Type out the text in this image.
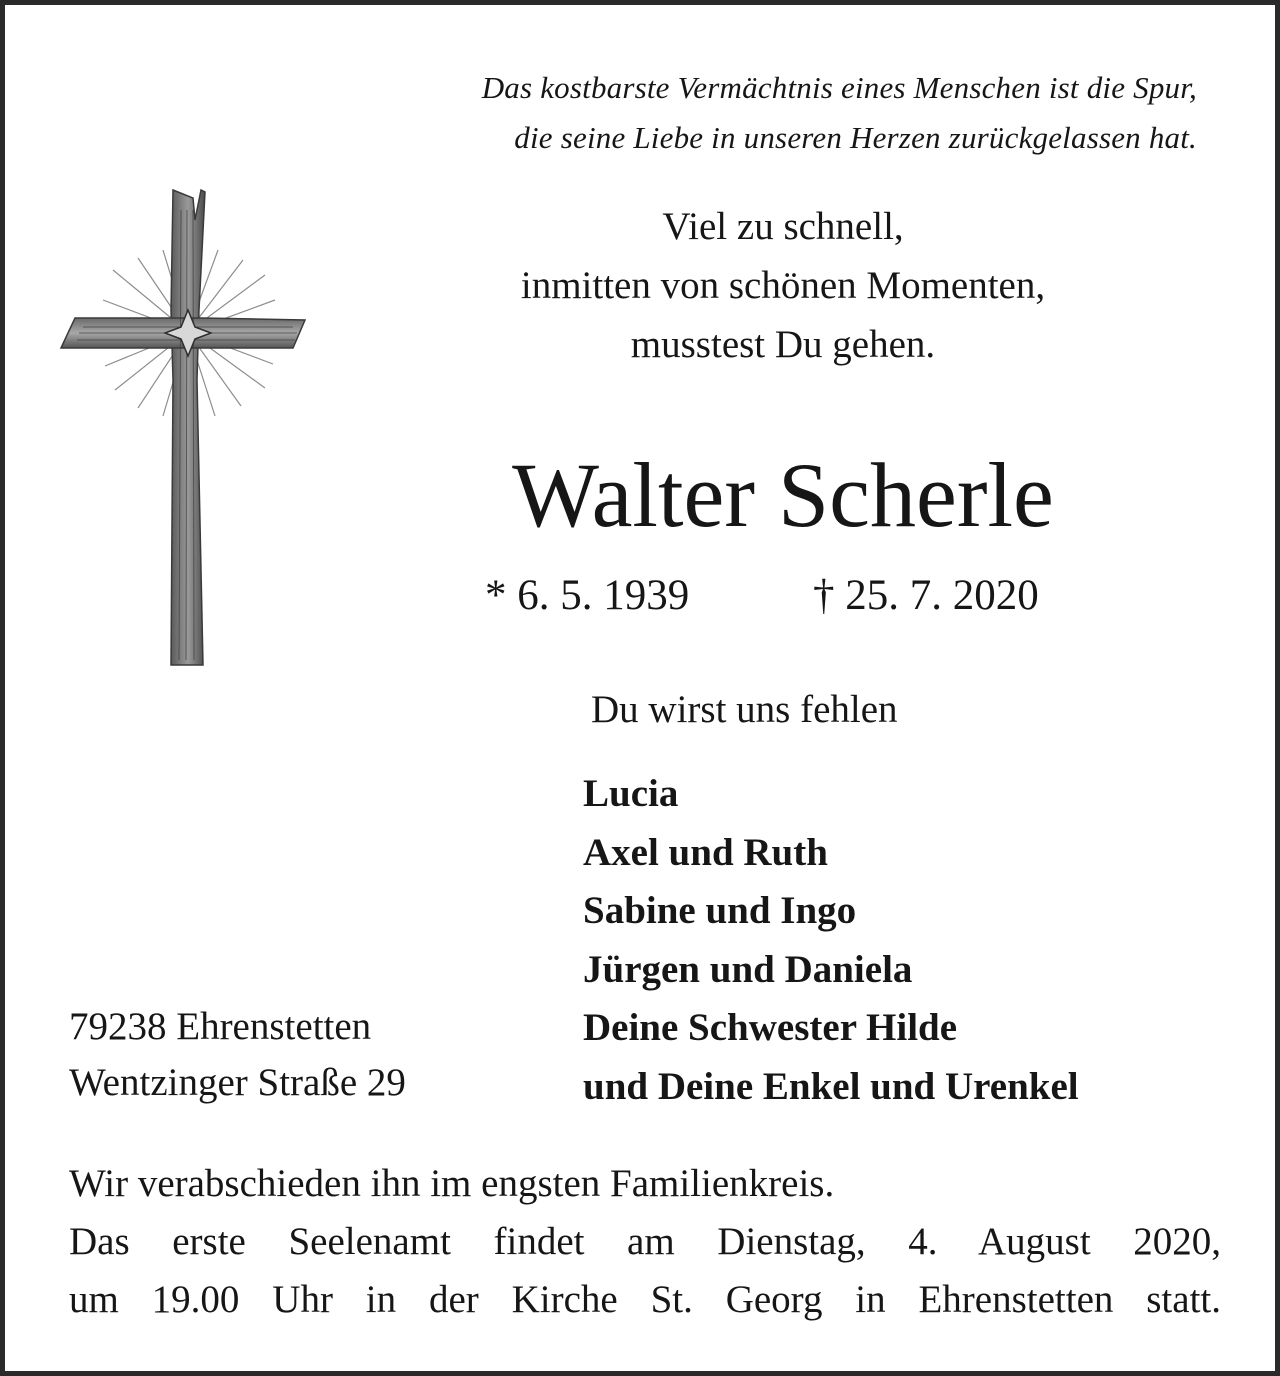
Das kostbarste Vermächtnis eines Menschen ist die Spur,
die seine Liebe in unseren Herzen zurückgelassen hat.
Viel zu schnell,
inmitten von schönen Momenten,
musstest Du gehen.
Walter Scherle
* 6. 5. 1939	† 25. 7. 2020
Du wirst uns fehlen
Lucia
Axel und Ruth
Sabine und Ingo
Jürgen und Daniela
Deine Schwester Hilde
und Deine Enkel und Urenkel
79238 Ehrenstetten
Wentzinger Straße 29
Wir verabschieden ihn im engsten Familienkreis.
Das erste Seelenamt findet am Dienstag, 4. August 2020,
um 19.00 Uhr in der Kirche St. Georg in Ehrenstetten statt.
